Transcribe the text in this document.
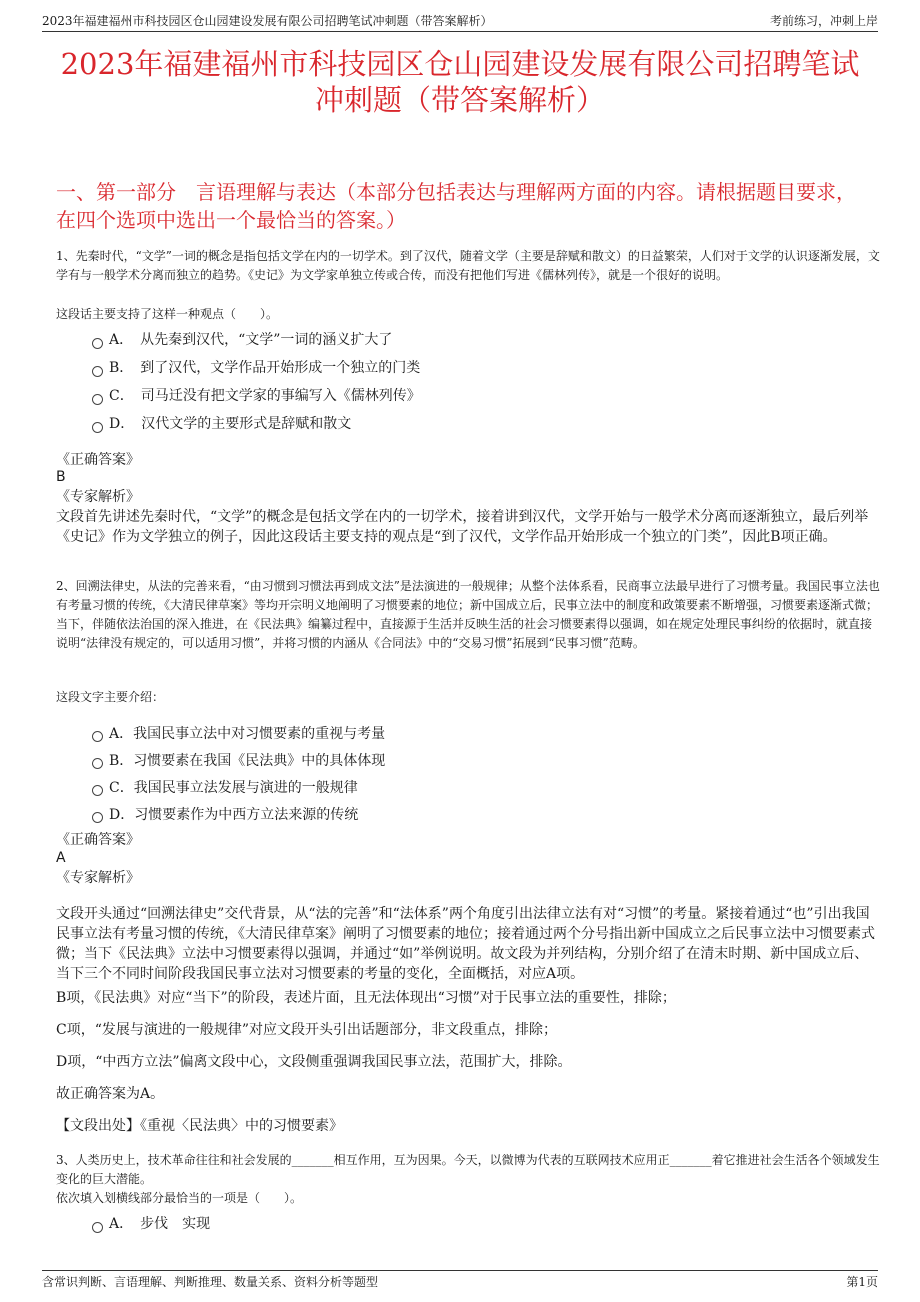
2023年福建福州市科技园区仓山园建设发展有限公司招聘笔试冲刺题（带答案解析）	考前练习，冲刺上岸
2023年福建福州市科技园区仓山园建设发展有限公司招聘笔试
冲刺题（带答案解析）
一、第一部分　言语理解与表达（本部分包括表达与理解两方面的内容。请根据题目要求，在四个选项中选出一个最恰当的答案。）
1、先秦时代，“文学”一词的概念是指包括文学在内的一切学术。到了汉代，随着文学（主要是辞赋和散文）的日益繁荣，人们对于文学的认识逐渐发展，文学有与一般学术分离而独立的趋势。《史记》为文学家单独立传或合传，而没有把他们写进《儒林列传》，就是一个很好的说明。
这段话主要支持了这样一种观点（　　）。
A．　从先秦到汉代，“文学”一词的涵义扩大了
B．　到了汉代，文学作品开始形成一个独立的门类
C．　司马迁没有把文学家的事编写入《儒林列传》
D．　汉代文学的主要形式是辞赋和散文
《正确答案》
B
《专家解析》
文段首先讲述先秦时代，“文学”的概念是包括文学在内的一切学术，接着讲到汉代，文学开始与一般学术分离而逐渐独立，最后列举《史记》作为文学独立的例子，因此这段话主要支持的观点是“到了汉代，文学作品开始形成一个独立的门类”，因此B项正确。
2、回溯法律史，从法的完善来看，“由习惯到习惯法再到成文法”是法演进的一般规律；从整个法体系看，民商事立法最早进行了习惯考量。我国民事立法也有考量习惯的传统，《大清民律草案》等均开宗明义地阐明了习惯要素的地位；新中国成立后，民事立法中的制度和政策要素不断增强，习惯要素逐渐式微；当下，伴随依法治国的深入推进，在《民法典》编纂过程中，直接源于生活并反映生活的社会习惯要素得以强调，如在规定处理民事纠纷的依据时，就直接说明“法律没有规定的，可以适用习惯”，并将习惯的内涵从《合同法》中的“交易习惯”拓展到“民事习惯”范畴。
这段文字主要介绍：
A．我国民事立法中对习惯要素的重视与考量
B．习惯要素在我国《民法典》中的具体体现
C．我国民事立法发展与演进的一般规律
D．习惯要素作为中西方立法来源的传统
《正确答案》
A
《专家解析》
文段开头通过“回溯法律史”交代背景，从“法的完善”和“法体系”两个角度引出法律立法有对“习惯”的考量。紧接着通过“也”引出我国民事立法有考量习惯的传统，《大清民律草案》阐明了习惯要素的地位；接着通过两个分号指出新中国成立之后民事立法中习惯要素式微；当下《民法典》立法中习惯要素得以强调，并通过“如”举例说明。故文段为并列结构，分别介绍了在清末时期、新中国成立后、当下三个不同时间阶段我国民事立法对习惯要素的考量的变化，全面概括，对应A项。
B项，《民法典》对应“当下”的阶段，表述片面，且无法体现出“习惯”对于民事立法的重要性，排除；
C项，“发展与演进的一般规律”对应文段开头引出话题部分，非文段重点，排除；
D项，“中西方立法”偏离文段中心，文段侧重强调我国民事立法，范围扩大，排除。
故正确答案为A。
【文段出处】《重视〈民法典〉中的习惯要素》
3、人类历史上，技术革命往往和社会发展的_______相互作用，互为因果。今天，以微博为代表的互联网技术应用正_______着它推进社会生活各个领域发生变化的巨大潜能。
依次填入划横线部分最恰当的一项是（　　）。
A．　步伐　实现
含常识判断、言语理解、判断推理、数量关系、资料分析等题型	第1页
